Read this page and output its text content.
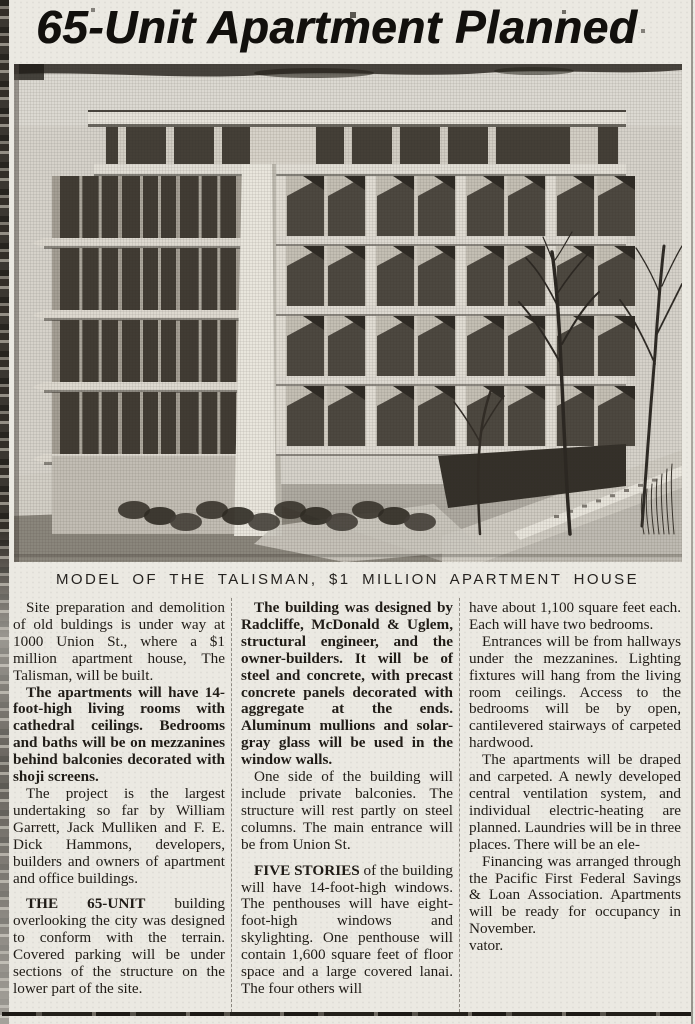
65-Unit Apartment Planned
MODEL OF THE TALISMAN, $1 MILLION APARTMENT HOUSE

Site preparation and demolition of old buldings is under way at 1000 Union St., where a $1 million apartment house, The Talisman, will be built.

The apartments will have 14-foot-high living rooms with cathedral ceilings. Bedrooms and baths will be on mezzanines behind balconies decorated with shoji screens.

The project is the largest undertaking so far by William Garrett, Jack Mulliken and F. E. Dick Hammons, developers, builders and owners of apartment and office buildings.

THE 65-UNIT building overlooking the city was designed to conform with the terrain. Covered parking will be under sections of the structure on the lower part of the site.

The building was designed by Radcliffe, McDonald & Uglem, structural engineer, and the owner-builders. It will be of steel and concrete, with precast concrete panels decorated with aggregate at the ends. Aluminum mullions and solar-gray glass will be used in the window walls.

One side of the building will include private balconies. The structure will rest partly on steel columns. The main entrance will be from Union St.

FIVE STORIES of the building will have 14-foot-high windows. The penthouses will have eight-foot-high windows and skylighting. One penthouse will contain 1,600 square feet of floor space and a large covered lanai. The four others will

have about 1,100 square feet each. Each will have two bedrooms.

Entrances will be from hallways under the mezzanines. Lighting fixtures will hang from the living room ceilings. Access to the bedrooms will be by open, cantilevered stairways of carpeted hardwood.

The apartments will be draped and carpeted. A newly developed central ventilation system, and individual electric-heating are planned. Laundries will be in three places. There will be an ele-

Financing was arranged through the Pacific First Federal Savings & Loan Association. Apartments will be ready for occupancy in November.

vator.
